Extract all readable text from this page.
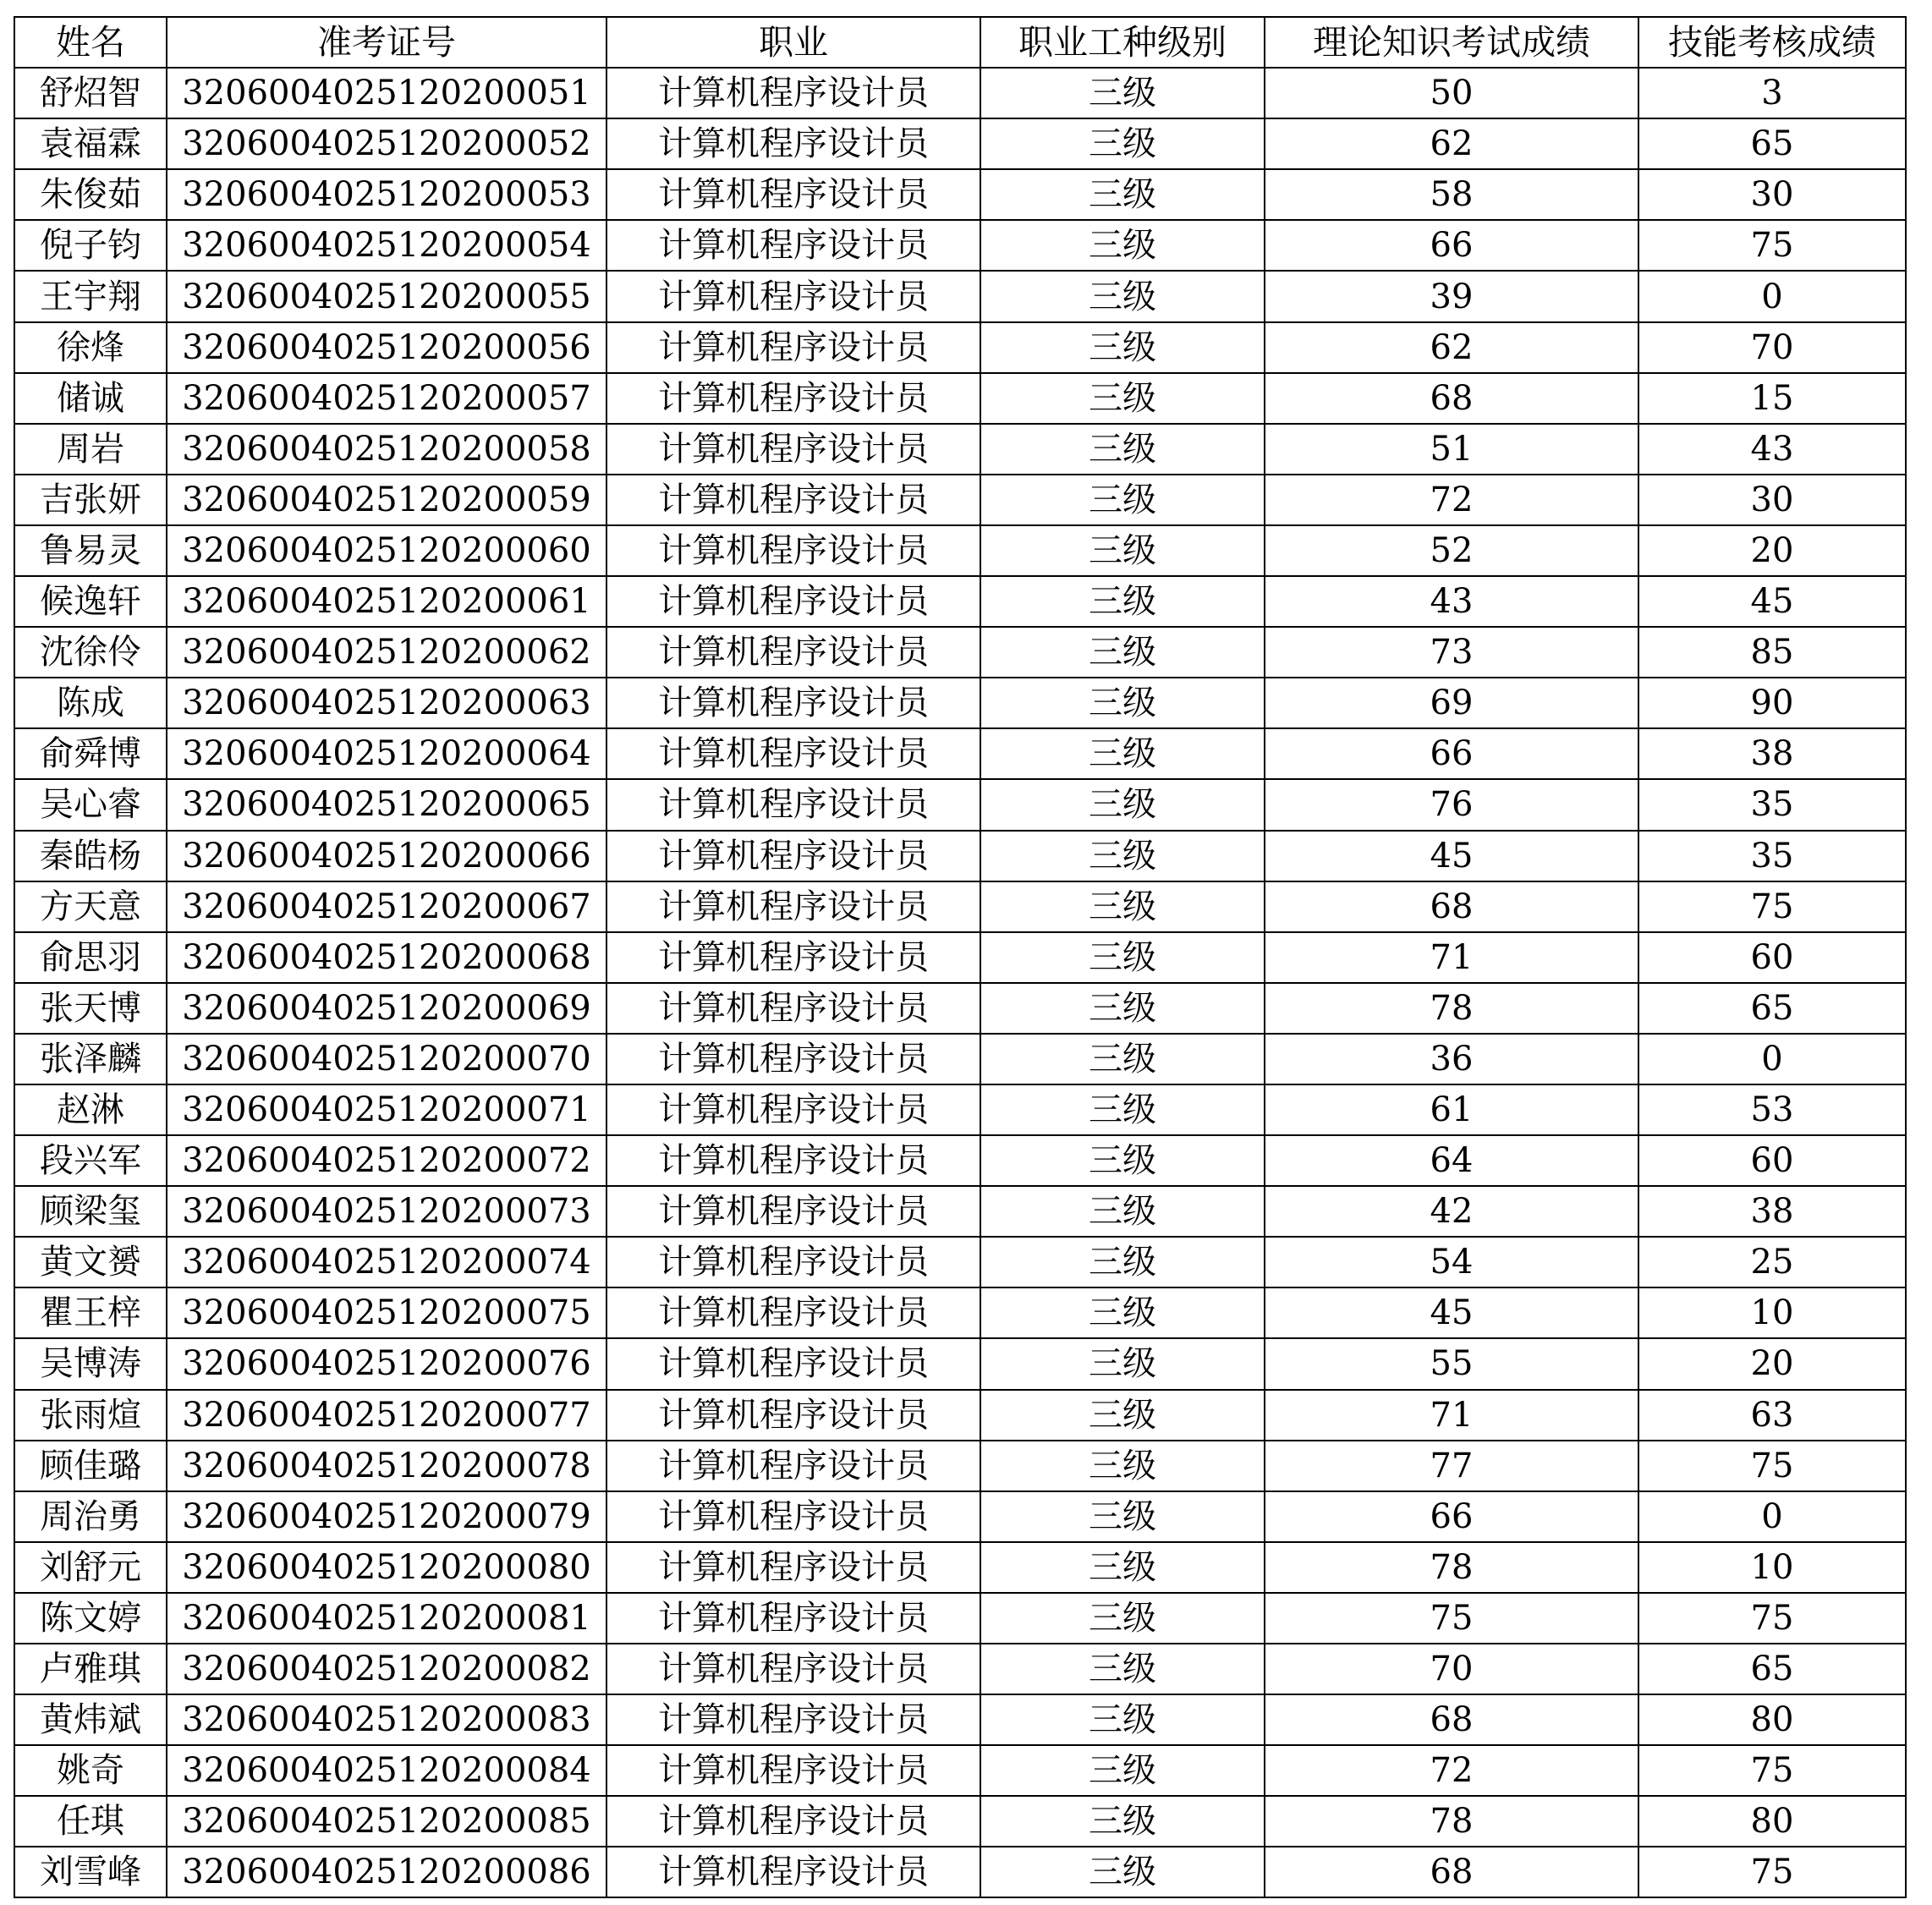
姓名	准考证号	职业	职业工种级别	理论知识考试成绩	技能考核成绩
舒炤智	3206004025120200051	计算机程序设计员	三级	50	3
袁福霖	3206004025120200052	计算机程序设计员	三级	62	65
朱俊茹	3206004025120200053	计算机程序设计员	三级	58	30
倪子钧	3206004025120200054	计算机程序设计员	三级	66	75
王宇翔	3206004025120200055	计算机程序设计员	三级	39	0
徐烽	3206004025120200056	计算机程序设计员	三级	62	70
储诚	3206004025120200057	计算机程序设计员	三级	68	15
周岩	3206004025120200058	计算机程序设计员	三级	51	43
吉张妍	3206004025120200059	计算机程序设计员	三级	72	30
鲁易灵	3206004025120200060	计算机程序设计员	三级	52	20
候逸轩	3206004025120200061	计算机程序设计员	三级	43	45
沈徐伶	3206004025120200062	计算机程序设计员	三级	73	85
陈成	3206004025120200063	计算机程序设计员	三级	69	90
俞舜博	3206004025120200064	计算机程序设计员	三级	66	38
吴心睿	3206004025120200065	计算机程序设计员	三级	76	35
秦皓杨	3206004025120200066	计算机程序设计员	三级	45	35
方天意	3206004025120200067	计算机程序设计员	三级	68	75
俞思羽	3206004025120200068	计算机程序设计员	三级	71	60
张天博	3206004025120200069	计算机程序设计员	三级	78	65
张泽麟	3206004025120200070	计算机程序设计员	三级	36	0
赵淋	3206004025120200071	计算机程序设计员	三级	61	53
段兴军	3206004025120200072	计算机程序设计员	三级	64	60
顾梁玺	3206004025120200073	计算机程序设计员	三级	42	38
黄文赟	3206004025120200074	计算机程序设计员	三级	54	25
瞿王梓	3206004025120200075	计算机程序设计员	三级	45	10
吴博涛	3206004025120200076	计算机程序设计员	三级	55	20
张雨煊	3206004025120200077	计算机程序设计员	三级	71	63
顾佳璐	3206004025120200078	计算机程序设计员	三级	77	75
周治勇	3206004025120200079	计算机程序设计员	三级	66	0
刘舒元	3206004025120200080	计算机程序设计员	三级	78	10
陈文婷	3206004025120200081	计算机程序设计员	三级	75	75
卢雅琪	3206004025120200082	计算机程序设计员	三级	70	65
黄炜斌	3206004025120200083	计算机程序设计员	三级	68	80
姚奇	3206004025120200084	计算机程序设计员	三级	72	75
任琪	3206004025120200085	计算机程序设计员	三级	78	80
刘雪峰	3206004025120200086	计算机程序设计员	三级	68	75
